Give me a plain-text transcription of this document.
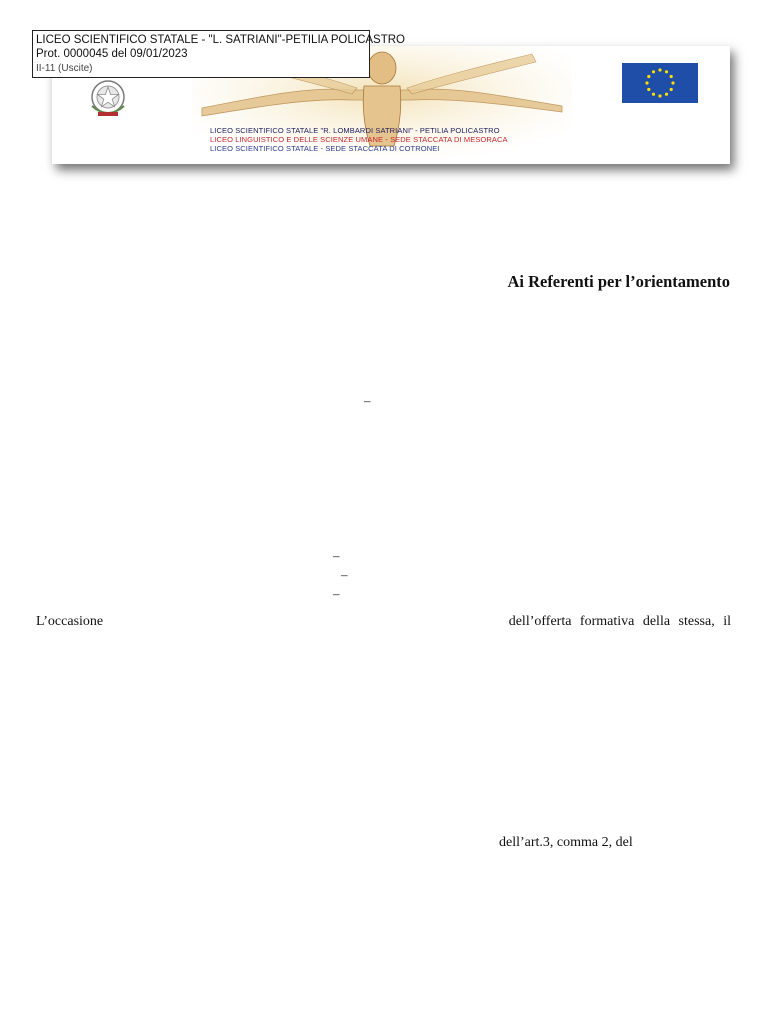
LICEO SCIENTIFICO STATALE "R. LOMBARDI SATRIANI" - PETILIA POLICASTRO
LICEO LINGUISTICO E DELLE SCIENZE UMANE - SEDE STACCATA DI MESORACA
LICEO SCIENTIFICO STATALE - SEDE STACCATA DI COTRONEI
LICEO SCIENTIFICO STATALE - "L. SATRIANI"-PETILIA POLICASTRO
Prot. 0000045 del 09/01/2023
II-11 (Uscite)
Ai Referenti per l’orientamento
–
–
–
–
L’occasione	dell’offerta formativa della stessa, il
dell’art.3, comma 2, del
